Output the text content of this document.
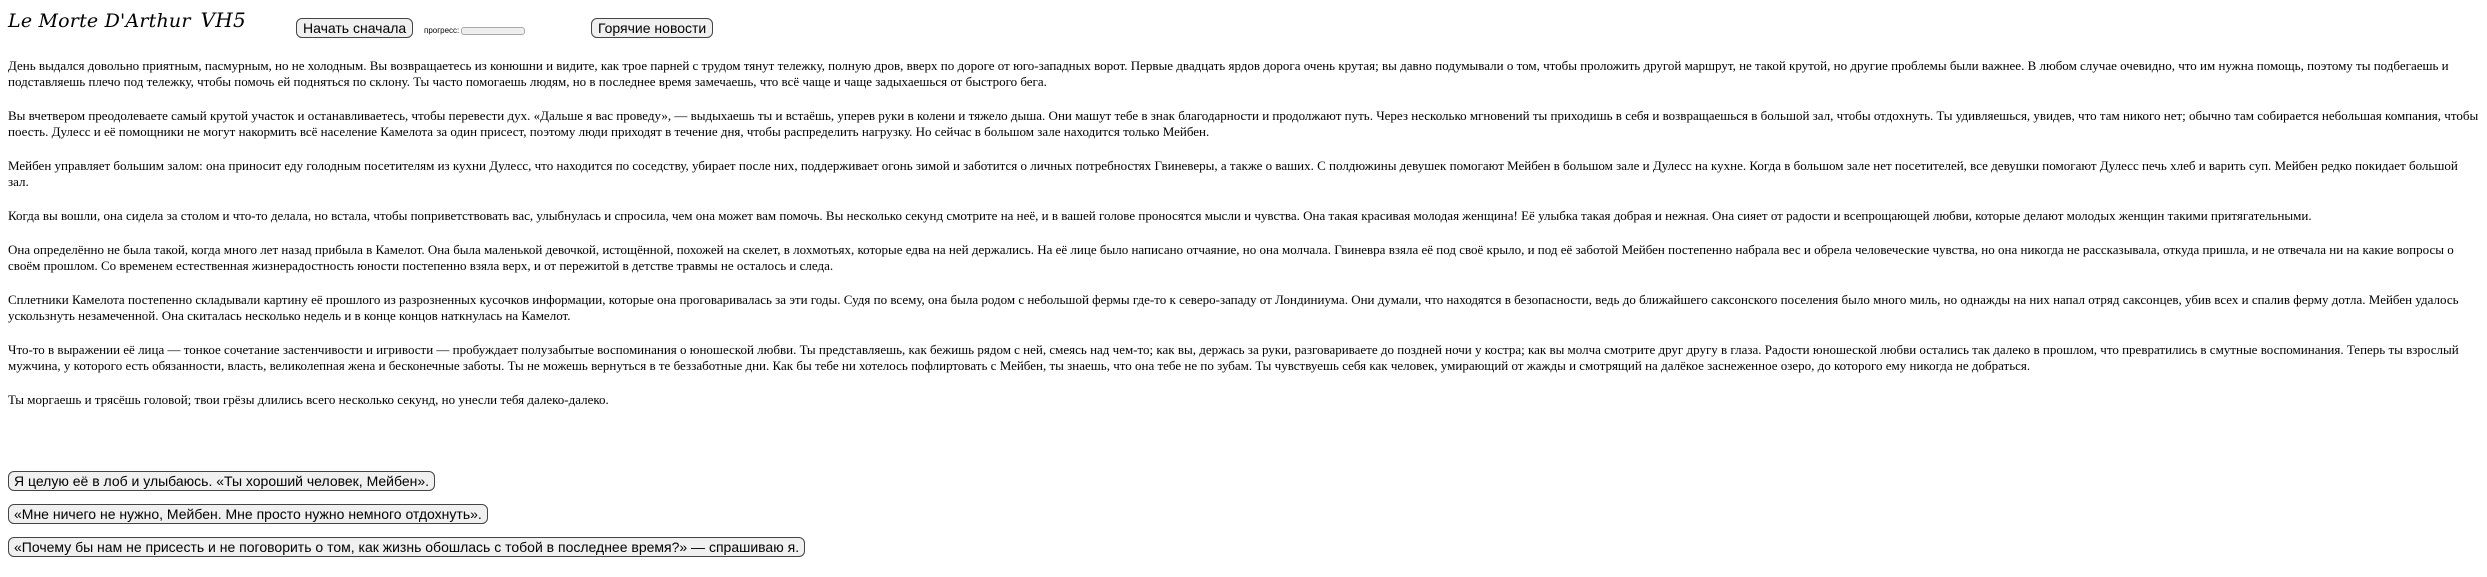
Le Morte D'Arthur VH5	Начать сначала	прогресс:	Горячие новости

День выдался довольно приятным, пасмурным, но не холодным. Вы возвращаетесь из конюшни и видите, как трое парней с трудом тянут тележку, полную дров, вверх по дороге от юго-западных ворот. Первые двадцать ярдов дорога очень крутая; вы давно подумывали о том, чтобы проложить другой маршрут, не такой крутой, но другие проблемы были важнее. В любом случае очевидно, что им нужна помощь, поэтому ты подбегаешь и подставляешь плечо под тележку, чтобы помочь ей подняться по склону. Ты часто помогаешь людям, но в последнее время замечаешь, что всё чаще и чаще задыхаешься от быстрого бега.

Вы вчетвером преодолеваете самый крутой участок и останавливаетесь, чтобы перевести дух. «Дальше я вас проведу», — выдыхаешь ты и встаёшь, уперев руки в колени и тяжело дыша. Они машут тебе в знак благодарности и продолжают путь. Через несколько мгновений ты приходишь в себя и возвращаешься в большой зал, чтобы отдохнуть. Ты удивляешься, увидев, что там никого нет; обычно там собирается небольшая компания, чтобы поесть. Дулесс и её помощники не могут накормить всё население Камелота за один присест, поэтому люди приходят в течение дня, чтобы распределить нагрузку. Но сейчас в большом зале находится только Мейбен.

Мейбен управляет большим залом: она приносит еду голодным посетителям из кухни Дулесс, что находится по соседству, убирает после них, поддерживает огонь зимой и заботится о личных потребностях Гвиневеры, а также о ваших. С полдюжины девушек помогают Мейбен в большом зале и Дулесс на кухне. Когда в большом зале нет посетителей, все девушки помогают Дулесс печь хлеб и варить суп. Мейбен редко покидает большой зал.

Когда вы вошли, она сидела за столом и что-то делала, но встала, чтобы поприветствовать вас, улыбнулась и спросила, чем она может вам помочь. Вы несколько секунд смотрите на неё, и в вашей голове проносятся мысли и чувства. Она такая красивая молодая женщина! Её улыбка такая добрая и нежная. Она сияет от радости и всепрощающей любви, которые делают молодых женщин такими притягательными.

Она определённо не была такой, когда много лет назад прибыла в Камелот. Она была маленькой девочкой, истощённой, похожей на скелет, в лохмотьях, которые едва на ней держались. На её лице было написано отчаяние, но она молчала. Гвиневра взяла её под своё крыло, и под её заботой Мейбен постепенно набрала вес и обрела человеческие чувства, но она никогда не рассказывала, откуда пришла, и не отвечала ни на какие вопросы о своём прошлом. Со временем естественная жизнерадостность юности постепенно взяла верх, и от пережитой в детстве травмы не осталось и следа.

Сплетники Камелота постепенно складывали картину её прошлого из разрозненных кусочков информации, которые она проговаривалась за эти годы. Судя по всему, она была родом с небольшой фермы где-то к северо-западу от Лондиниума. Они думали, что находятся в безопасности, ведь до ближайшего саксонского поселения было много миль, но однажды на них напал отряд саксонцев, убив всех и спалив ферму дотла. Мейбен удалось ускользнуть незамеченной. Она скиталась несколько недель и в конце концов наткнулась на Камелот.

Что-то в выражении её лица — тонкое сочетание застенчивости и игривости — пробуждает полузабытые воспоминания о юношеской любви. Ты представляешь, как бежишь рядом с ней, смеясь над чем-то; как вы, держась за руки, разговариваете до поздней ночи у костра; как вы молча смотрите друг другу в глаза. Радости юношеской любви остались так далеко в прошлом, что превратились в смутные воспоминания. Теперь ты взрослый мужчина, у которого есть обязанности, власть, великолепная жена и бесконечные заботы. Ты не можешь вернуться в те беззаботные дни. Как бы тебе ни хотелось пофлиртовать с Мейбен, ты знаешь, что она тебе не по зубам. Ты чувствуешь себя как человек, умирающий от жажды и смотрящий на далёкое заснеженное озеро, до которого ему никогда не добраться.

Ты моргаешь и трясёшь головой; твои грёзы длились всего несколько секунд, но унесли тебя далеко-далеко.

Я целую её в лоб и улыбаюсь. «Ты хороший человек, Мейбен».
«Мне ничего не нужно, Мейбен. Мне просто нужно немного отдохнуть».
«Почему бы нам не присесть и не поговорить о том, как жизнь обошлась с тобой в последнее время?» — спрашиваю я.
